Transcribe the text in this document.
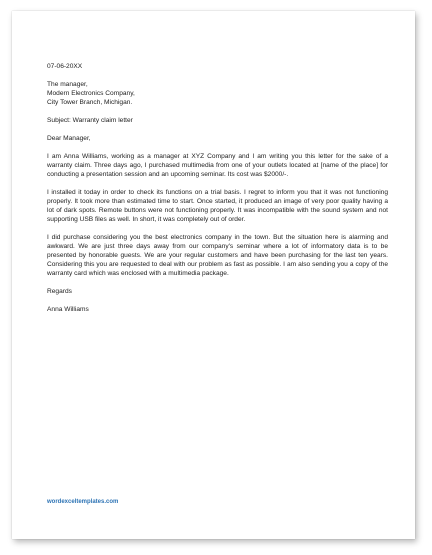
07-06-20XX
The manager,
Modern Electronics Company,
City Tower Branch, Michigan.
Subject: Warranty claim letter
Dear Manager,

I am Anna Williams, working as a manager at XYZ Company and I am writing you this letter for the sake of a warranty claim. Three days ago, I purchased multimedia from one of your outlets located at [name of the place] for conducting a presentation session and an upcoming seminar. Its cost was $2000/-.

I installed it today in order to check its functions on a trial basis. I regret to inform you that it was not functioning properly. It took more than estimated time to start. Once started, it produced an image of very poor quality having a lot of dark spots. Remote buttons were not functioning properly. It was incompatible with the sound system and not supporting USB files as well. In short, it was completely out of order.

I did purchase considering you the best electronics company in the town. But the situation here is alarming and awkward. We are just three days away from our company's seminar where a lot of informatory data is to be presented by honorable guests. We are your regular customers and have been purchasing for the last ten years. Considering this you are requested to deal with our problem as fast as possible. I am also sending you a copy of the warranty card which was enclosed with a multimedia package.

Regards
Anna Williams
wordexceltemplates.com
